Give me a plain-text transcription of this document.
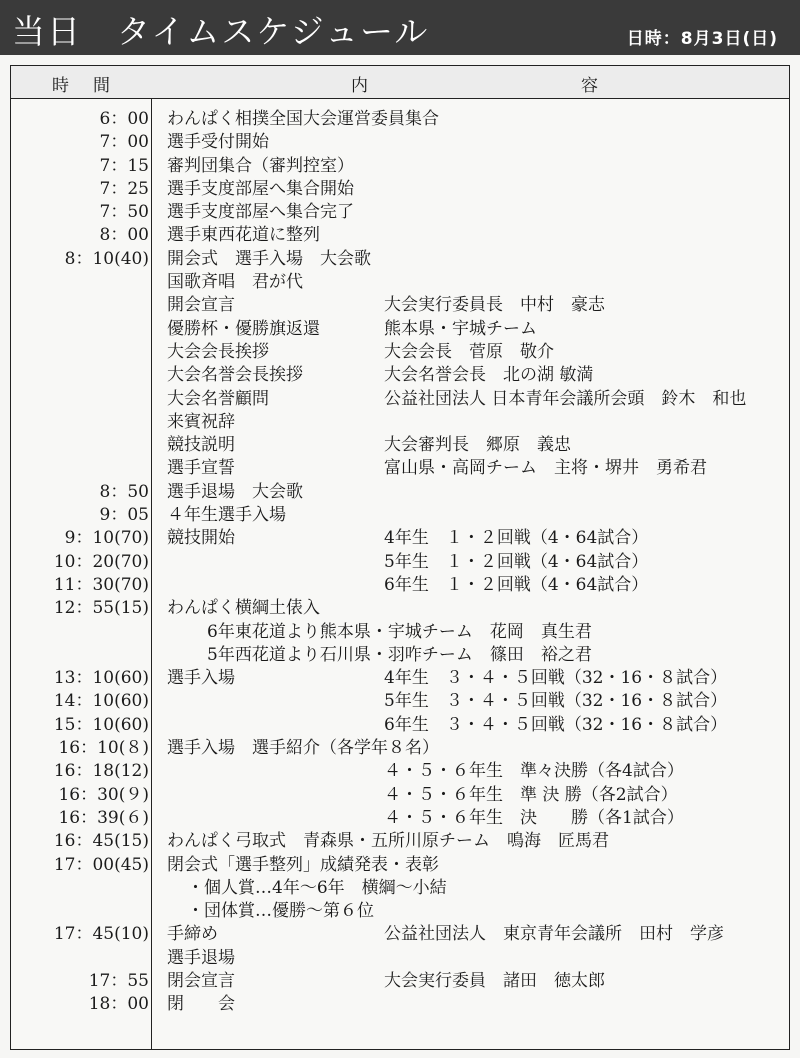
当日　タイムスケジュール	日時：8月3日(日)
時間	内	容
6：00 わんぱく相撲全国大会運営委員集合
7：00 選手受付開始
7：15 審判団集合（審判控室）
7：25 選手支度部屋へ集合開始
7：50 選手支度部屋へ集合完了
8：00 選手東西花道に整列
8：10(40) 開会式　選手入場　大会歌
国歌斉唱　君が代
開会宣言	大会実行委員長　中村　豪志
優勝杯・優勝旗返還	熊本県・宇城チーム
大会会長挨拶	大会会長　菅原　敬介
大会名誉会長挨拶	大会名誉会長　北の湖 敏満
大会名誉顧問	公益社団法人 日本青年会議所会頭　鈴木　和也
来賓祝辞
競技説明	大会審判長　郷原　義忠
選手宣誓	富山県・高岡チーム　主将・堺井　勇希君
8：50 選手退場　大会歌
9：05 ４年生選手入場
9：10(70) 競技開始	4年生　１・２回戦（4・64試合）
10：20(70)	5年生　１・２回戦（4・64試合）
11：30(70)	6年生　１・２回戦（4・64試合）
12：55(15) わんぱく横綱土俵入
6年東花道より熊本県・宇城チーム　花岡　真生君
5年西花道より石川県・羽咋チーム　篠田　裕之君
13：10(60) 選手入場	4年生　３・４・５回戦（32・16・８試合）
14：10(60)	5年生　３・４・５回戦（32・16・８試合）
15：10(60)	6年生　３・４・５回戦（32・16・８試合）
16：10(８) 選手入場　選手紹介（各学年８名）
16：18(12)	４・５・６年生　準々決勝（各4試合）
16：30(９)	４・５・６年生　準 決 勝（各2試合）
16：39(６)	４・５・６年生　決　　勝（各1試合）
16：45(15) わんぱく弓取式　青森県・五所川原チーム　鳴海　匠馬君
17：00(45) 閉会式「選手整列」成績発表・表彰
・個人賞…4年〜6年　横綱〜小結
・団体賞…優勝〜第６位
17：45(10) 手締め	公益社団法人　東京青年会議所　田村　学彦
選手退場
17：55 閉会宣言	大会実行委員　諸田　徳太郎
18：00 閉　　会
